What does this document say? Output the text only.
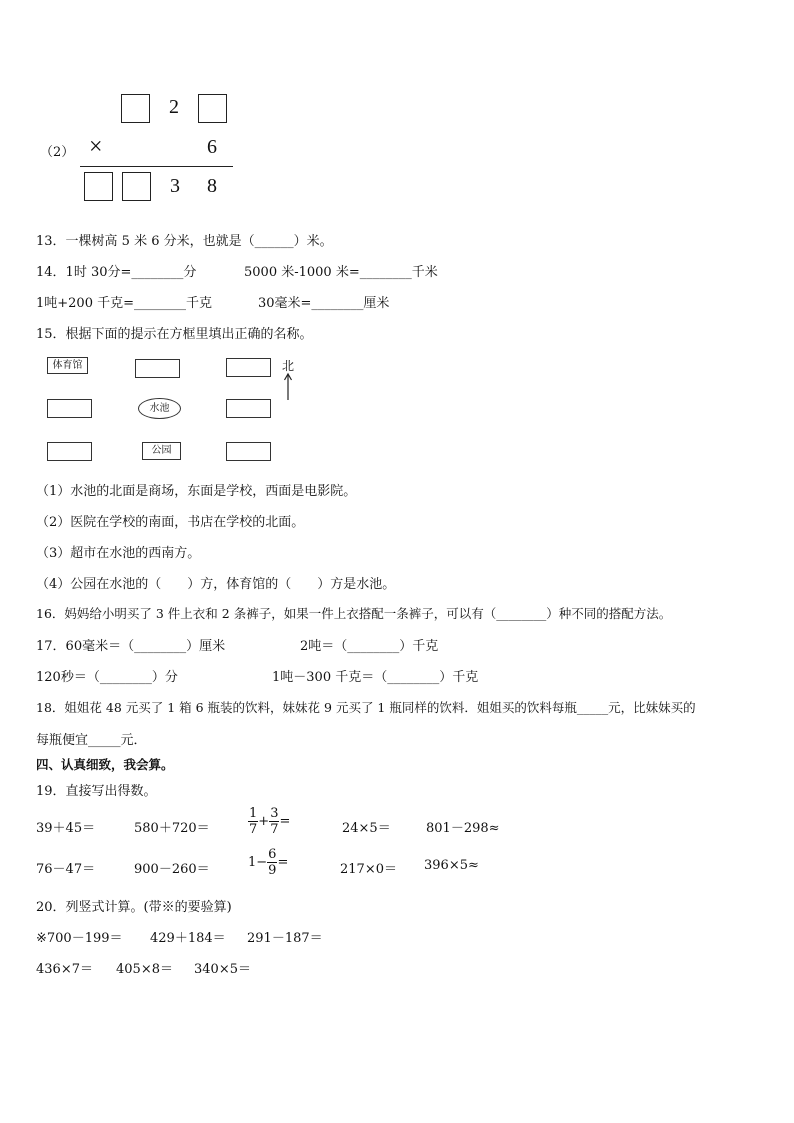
2
（2） ×	6
3 8
13．一棵树高 5 米 6 分米，也就是（______）米。
14．1时 30分=________分	5000 米-1000 米=________千米
1吨+200 千克=________千克	30毫米=________厘米
15．根据下面的提示在方框里填出正确的名称。
体育馆	北
水池
公园
（1）水池的北面是商场，东面是学校，西面是电影院。
（2）医院在学校的南面，书店在学校的北面。
（3）超市在水池的西南方。
（4）公园在水池的（　　）方，体育馆的（　　）方是水池。
16．妈妈给小明买了 3 件上衣和 2 条裤子，如果一件上衣搭配一条裤子，可以有（________）种不同的搭配方法。
17．60毫米＝（________）厘米	2吨＝（________）千克
120秒＝（________）分	1吨－300 千克＝（________）千克
18．姐姐花 48 元买了 1 箱 6 瓶装的饮料，妹妹花 9 元买了 1 瓶同样的饮料．姐姐买的饮料每瓶_____元，比妹妹买的
每瓶便宜_____元．
四、认真细致，我会算。
19．直接写出得数。
39＋45＝	580＋720＝	$\frac{1}{7} + \frac{3}{7}$ =	24×5＝	801－298≈
76－47＝	900－260＝	$1- \frac{6}{9}$ =	217×0＝ 396×5≈
20．列竖式计算。(带※的要验算)
※700－199＝ 429＋184＝ 291－187＝
436×7＝ 405×8＝ 340×5＝
